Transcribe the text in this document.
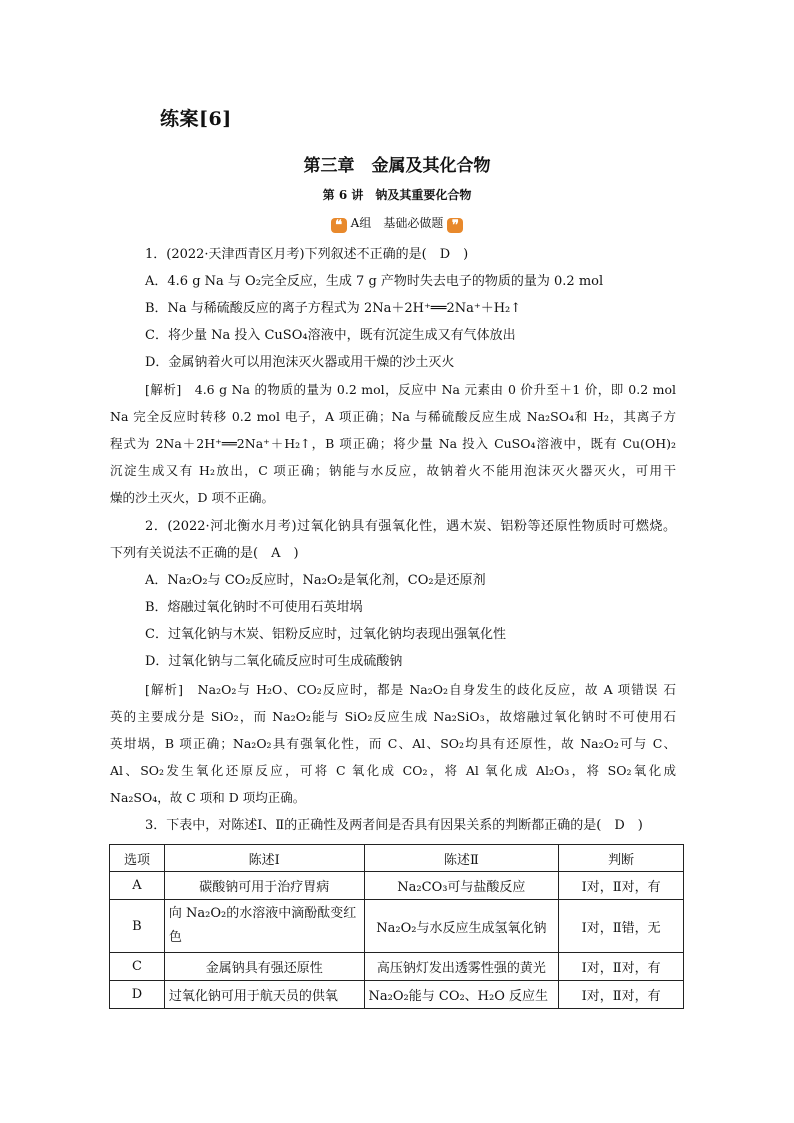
练案[6]
第三章　金属及其化合物
第 6 讲　钠及其重要化合物
❝ A组　基础必做题 ❞
1．(2022·天津西青区月考)下列叙述不正确的是(　D　)
A．4.6 g Na 与 O₂完全反应，生成 7 g 产物时失去电子的物质的量为 0.2 mol
B．Na 与稀硫酸反应的离子方程式为 2Na＋2H⁺══2Na⁺＋H₂↑
C．将少量 Na 投入 CuSO₄溶液中，既有沉淀生成又有气体放出
D．金属钠着火可以用泡沫灭火器或用干燥的沙土灭火
[解析]　4.6 g Na 的物质的量为 0.2 mol，反应中 Na 元素由 0 价升至＋1 价，即 0.2 mol
Na 完全反应时转移 0.2 mol 电子，A 项正确；Na 与稀硫酸反应生成 Na₂SO₄和 H₂，其离子方
程式为 2Na＋2H⁺══2Na⁺＋H₂↑，B 项正确；将少量 Na 投入 CuSO₄溶液中，既有 Cu(OH)₂
沉淀生成又有 H₂放出，C 项正确；钠能与水反应，故钠着火不能用泡沫灭火器灭火，可用干
燥的沙土灭火，D 项不正确。
2．(2022·河北衡水月考)过氧化钠具有强氧化性，遇木炭、铝粉等还原性物质时可燃烧。
下列有关说法不正确的是(　A　)
A．Na₂O₂与 CO₂反应时，Na₂O₂是氧化剂，CO₂是还原剂
B．熔融过氧化钠时不可使用石英坩埚
C．过氧化钠与木炭、铝粉反应时，过氧化钠均表现出强氧化性
D．过氧化钠与二氧化硫反应时可生成硫酸钠
[解析]　Na₂O₂与 H₂O、CO₂反应时，都是 Na₂O₂自身发生的歧化反应，故 A 项错误 石
英的主要成分是 SiO₂，而 Na₂O₂能与 SiO₂反应生成 Na₂SiO₃，故熔融过氧化钠时不可使用石
英坩埚，B 项正确；Na₂O₂具有强氧化性，而 C、Al、SO₂均具有还原性，故 Na₂O₂可与 C、
Al、SO₂发生氧化还原反应，可将 C 氧化成 CO₂，将 Al 氧化成 Al₂O₃，将 SO₂氧化成
Na₂SO₄，故 C 项和 D 项均正确。
3．下表中，对陈述Ⅰ、Ⅱ的正确性及两者间是否具有因果关系的判断都正确的是(　D　)
选项	陈述Ⅰ	陈述Ⅱ	判断
A	碳酸钠可用于治疗胃病	Na₂CO₃可与盐酸反应	Ⅰ对，Ⅱ对，有
B	向 Na₂O₂的水溶液中滴酚酞变红色	Na₂O₂与水反应生成氢氧化钠	Ⅰ对，Ⅱ错，无
C	金属钠具有强还原性	高压钠灯发出透雾性强的黄光	Ⅰ对，Ⅱ对，有
D	过氧化钠可用于航天员的供氧	Na₂O₂能与 CO₂、H₂O 反应生	Ⅰ对，Ⅱ对，有
